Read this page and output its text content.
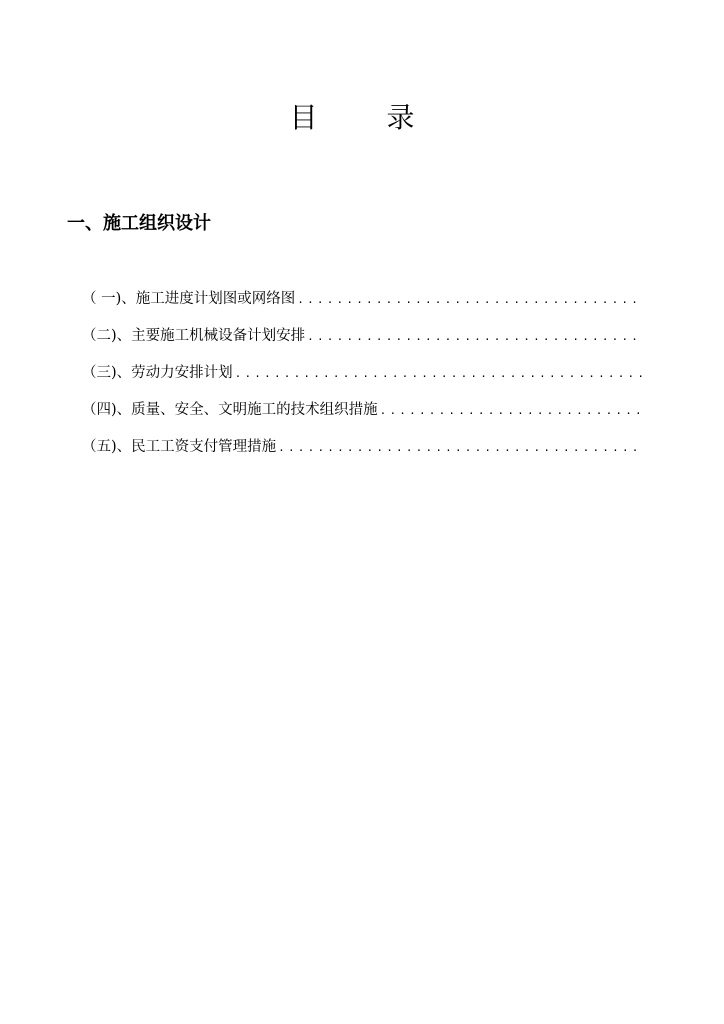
目 录
一、施工组织设计
（ 一)、施工进度计划图或网络图
.....
（二)、主要施工机械设备计划安排
.....
（三)、劳动力安排计划
.....
（四)、质量、安全、文明施工的技术组织措施
.....
（五)、民工工资支付管理措施
.....
